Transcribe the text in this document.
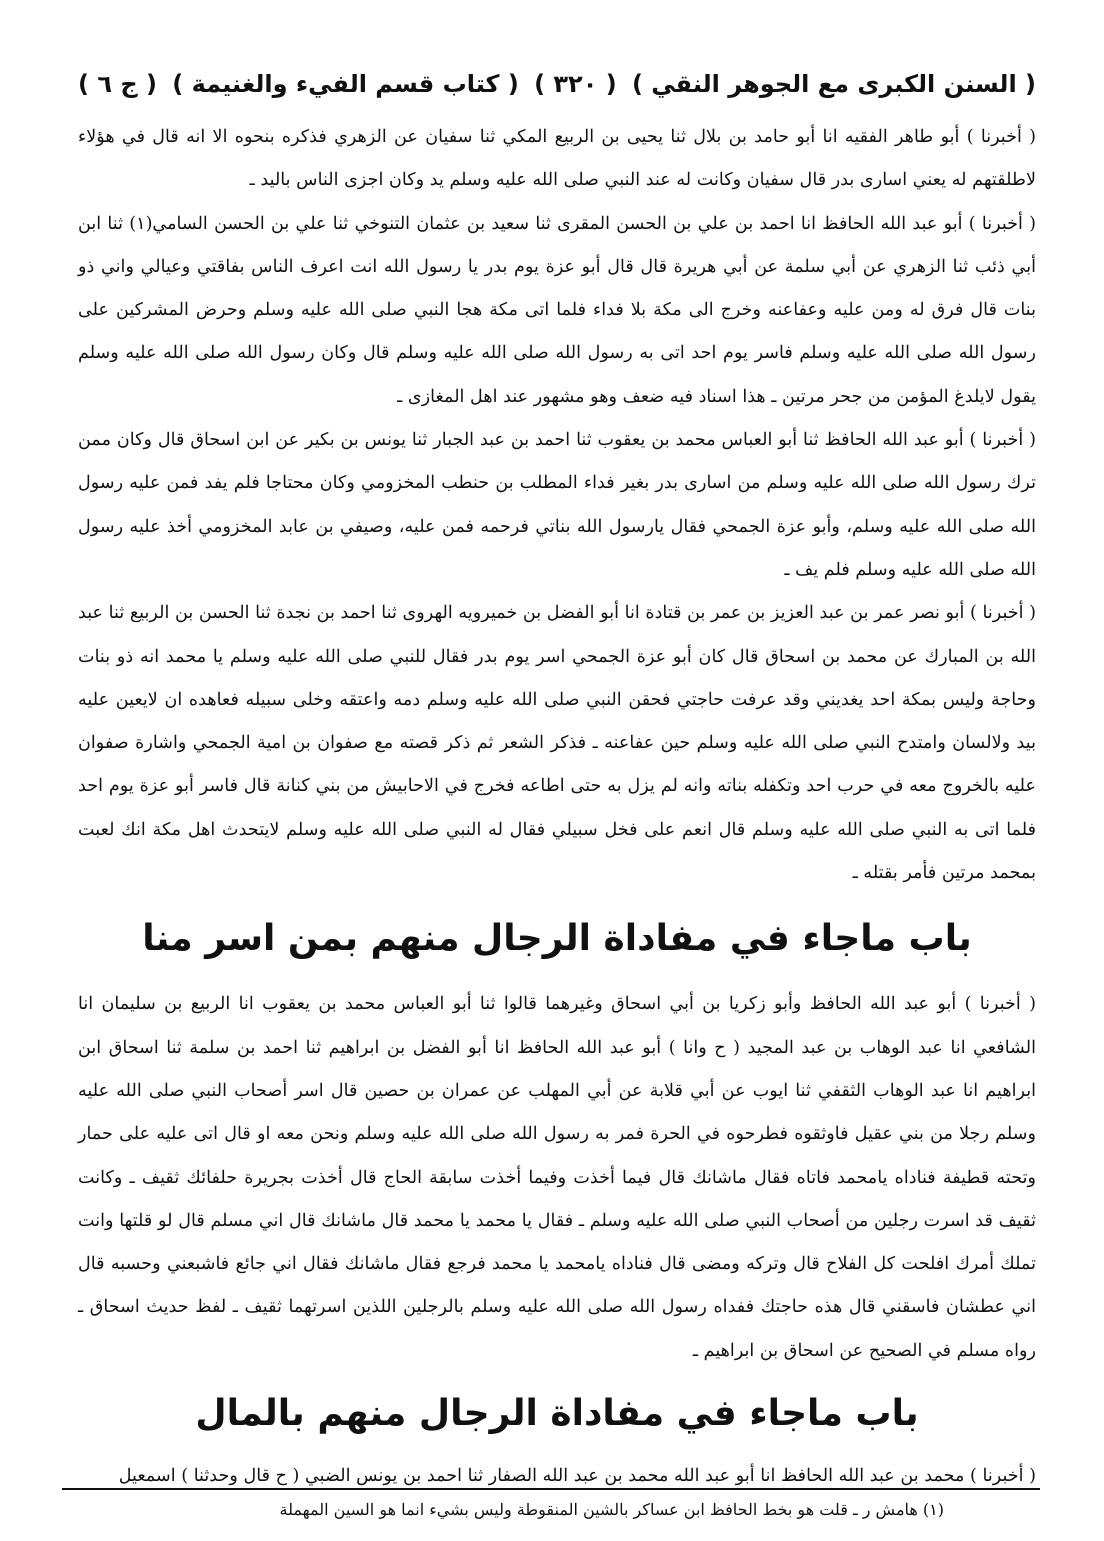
( السنن الكبرى مع الجوهر النقي )
( ٣٢٠ )
( كتاب قسم الفيء والغنيمة )
( ج ٦ )

( أخبرنا ) أبو طاهر الفقيه انا أبو حامد بن بلال ثنا يحيى بن الربيع المكي ثنا سفيان عن الزهري فذكره بنحوه الا انه قال في هؤلاء لاطلقتهم له يعني اسارى بدر قال سفيان وكانت له عند النبي صلى الله عليه وسلم يد وكان اجزى الناس باليد ـ

( أخبرنا ) أبو عبد الله الحافظ انا احمد بن علي بن الحسن المقرى ثنا سعيد بن عثمان التنوخي ثنا علي بن الحسن السامي(١) ثنا ابن أبي ذئب ثنا الزهري عن أبي سلمة عن أبي هريرة قال قال أبو عزة يوم بدر يا رسول الله انت اعرف الناس بفاقتي وعيالي واني ذو بنات قال فرق له ومن عليه وعفاعنه وخرج الى مكة بلا فداء فلما اتى مكة هجا النبي صلى الله عليه وسلم وحرض المشركين على رسول الله صلى الله عليه وسلم فاسر يوم احد اتى به رسول الله صلى الله عليه وسلم قال وكان رسول الله صلى الله عليه وسلم يقول لايلدغ المؤمن من جحر مرتين ـ هذا اسناد فيه ضعف وهو مشهور عند اهل المغازى ـ

( أخبرنا ) أبو عبد الله الحافظ ثنا أبو العباس محمد بن يعقوب ثنا احمد بن عبد الجبار ثنا يونس بن بكير عن ابن اسحاق قال وكان ممن ترك رسول الله صلى الله عليه وسلم من اسارى بدر بغير فداء المطلب بن حنطب المخزومي وكان محتاجا فلم يفد فمن عليه رسول الله صلى الله عليه وسلم، وأبو عزة الجمحي فقال يارسول الله بناتي فرحمه فمن عليه، وصيفي بن عابد المخزومي أخذ عليه رسول الله صلى الله عليه وسلم فلم يف ـ

( أخبرنا ) أبو نصر عمر بن عبد العزيز بن عمر بن قتادة انا أبو الفضل بن خميرويه الهروى ثنا احمد بن نجدة ثنا الحسن بن الربيع ثنا عبد الله بن المبارك عن محمد بن اسحاق قال كان أبو عزة الجمحي اسر يوم بدر فقال للنبي صلى الله عليه وسلم يا محمد انه ذو بنات وحاجة وليس بمكة احد يغديني وقد عرفت حاجتي فحقن النبي صلى الله عليه وسلم دمه واعتقه وخلى سبيله فعاهده ان لايعين عليه بيد ولالسان وامتدح النبي صلى الله عليه وسلم حين عفاعنه ـ فذكر الشعر ثم ذكر قصته مع صفوان بن امية الجمحي واشارة صفوان عليه بالخروج معه في حرب احد وتكفله بناته وانه لم يزل به حتى اطاعه فخرج في الاحابيش من بني كنانة قال فاسر أبو عزة يوم احد فلما اتى به النبي صلى الله عليه وسلم قال انعم على فخل سبيلي فقال له النبي صلى الله عليه وسلم لايتحدث اهل مكة انك لعبت بمحمد مرتين فأمر بقتله ـ

باب ماجاء في مفاداة الرجال منهم بمن اسر منا

( أخبرنا ) أبو عبد الله الحافظ وأبو زكريا بن أبي اسحاق وغيرهما قالوا ثنا أبو العباس محمد بن يعقوب انا الربيع بن سليمان انا الشافعي انا عبد الوهاب بن عبد المجيد ( ح وانا ) أبو عبد الله الحافظ انا أبو الفضل بن ابراهيم ثنا احمد بن سلمة ثنا اسحاق ابن ابراهيم انا عبد الوهاب الثقفي ثنا ايوب عن أبي قلابة عن أبي المهلب عن عمران بن حصين قال اسر أصحاب النبي صلى الله عليه وسلم رجلا من بني عقيل فاوثقوه فطرحوه في الحرة فمر به رسول الله صلى الله عليه وسلم ونحن معه او قال اتى عليه على حمار وتحته قطيفة فناداه يامحمد فاتاه فقال ماشانك قال فيما أخذت وفيما أخذت سابقة الحاج قال أخذت بجريرة حلفائك ثقيف ـ وكانت ثقيف قد اسرت رجلين من أصحاب النبي صلى الله عليه وسلم ـ فقال يا محمد يا محمد قال ماشانك قال اني مسلم قال لو قلتها وانت تملك أمرك افلحت كل الفلاح قال وتركه ومضى قال فناداه يامحمد يا محمد فرجع فقال ماشانك فقال اني جائع فاشبعني وحسبه قال اني عطشان فاسقني قال هذه حاجتك ففداه رسول الله صلى الله عليه وسلم بالرجلين اللذين اسرتهما ثقيف ـ لفظ حديث اسحاق ـ رواه مسلم في الصحيح عن اسحاق بن ابراهيم ـ

باب ماجاء في مفاداة الرجال منهم بالمال

( أخبرنا ) محمد بن عبد الله الحافظ انا أبو عبد الله محمد بن عبد الله الصفار ثنا احمد بن يونس الضبي ( ح قال وحدثنا ) اسمعيل

(١) هامش ر ـ قلت هو بخط الحافظ ابن عساكر بالشين المنقوطة وليس بشيء انما هو السين المهملة
